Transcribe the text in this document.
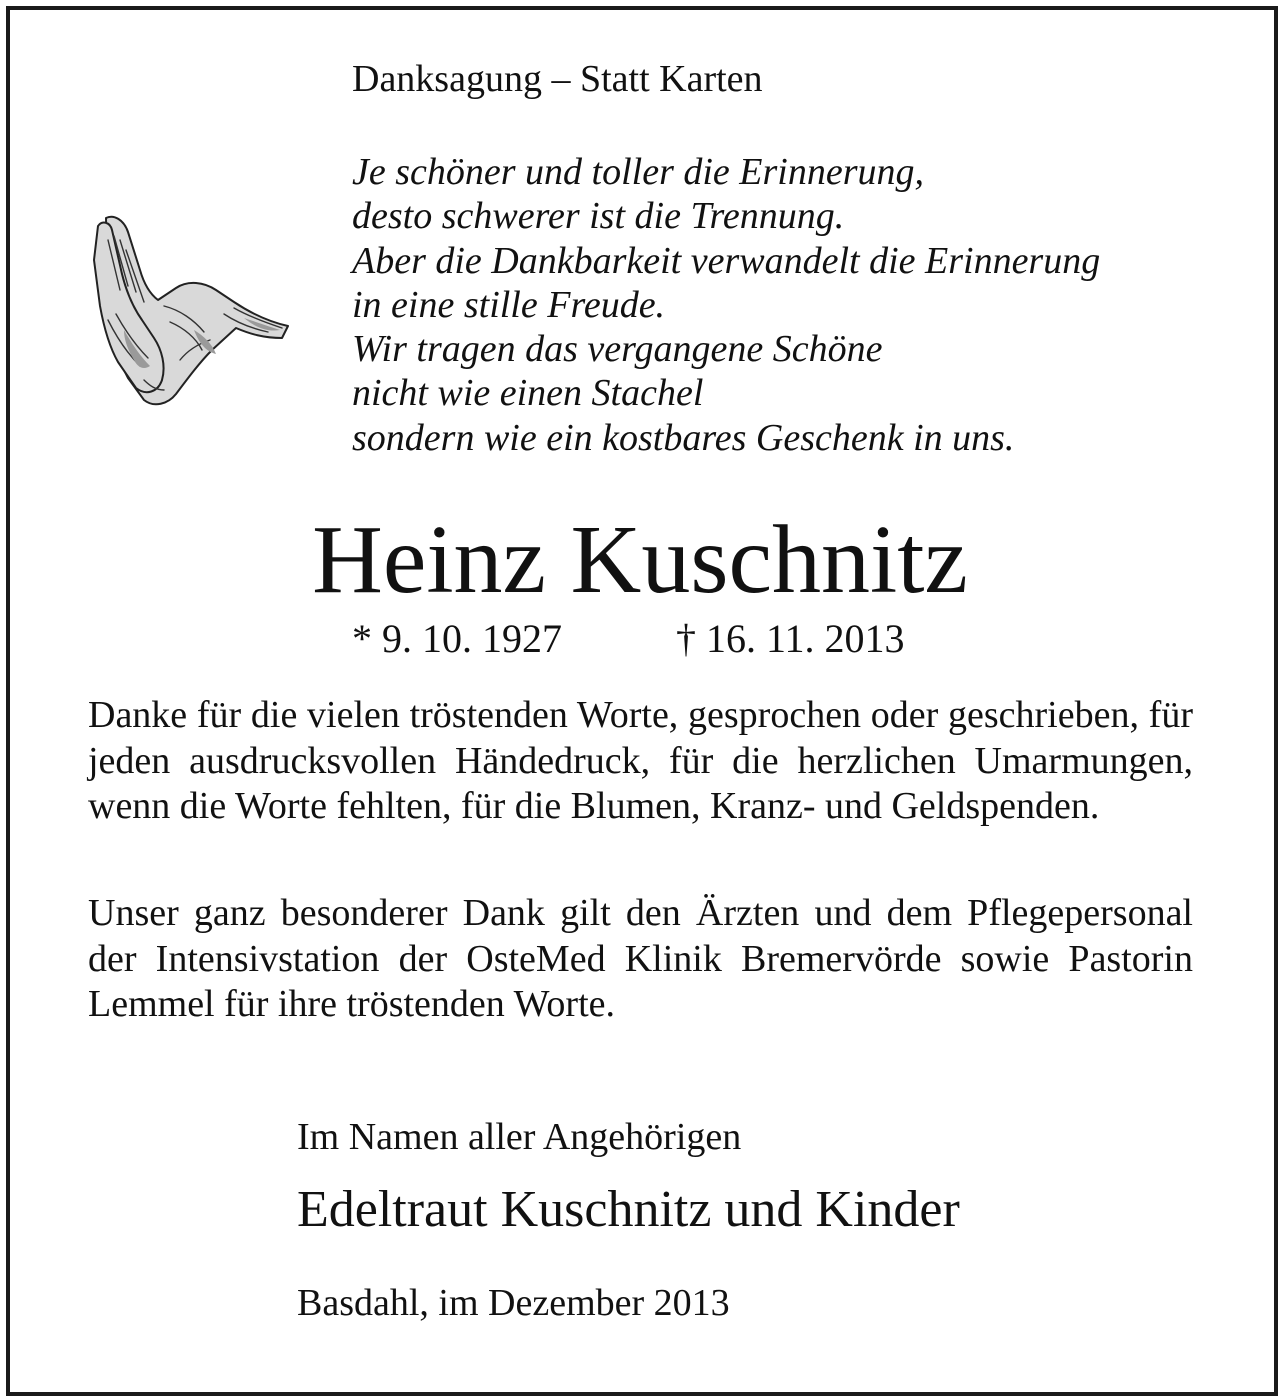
Danksagung – Statt Karten
Je schöner und toller die Erinnerung,
desto schwerer ist die Trennung.
Aber die Dankbarkeit verwandelt die Erinnerung
in eine stille Freude.
Wir tragen das vergangene Schöne
nicht wie einen Stachel
sondern wie ein kostbares Geschenk in uns.
Heinz Kuschnitz
* 9. 10. 1927	† 16. 11. 2013
Danke für die vielen tröstenden Worte, gesprochen oder geschrieben, für jeden ausdrucksvollen Händedruck, für die herzlichen Umarmungen, wenn die Worte fehlten, für die Blumen, Kranz- und Geldspenden.
Unser ganz besonderer Dank gilt den Ärzten und dem Pflegepersonal der Intensivstation der OsteMed Klinik Bremervörde sowie Pastorin Lemmel für ihre tröstenden Worte.
Im Namen aller Angehörigen
Edeltraut Kuschnitz und Kinder
Basdahl, im Dezember 2013
